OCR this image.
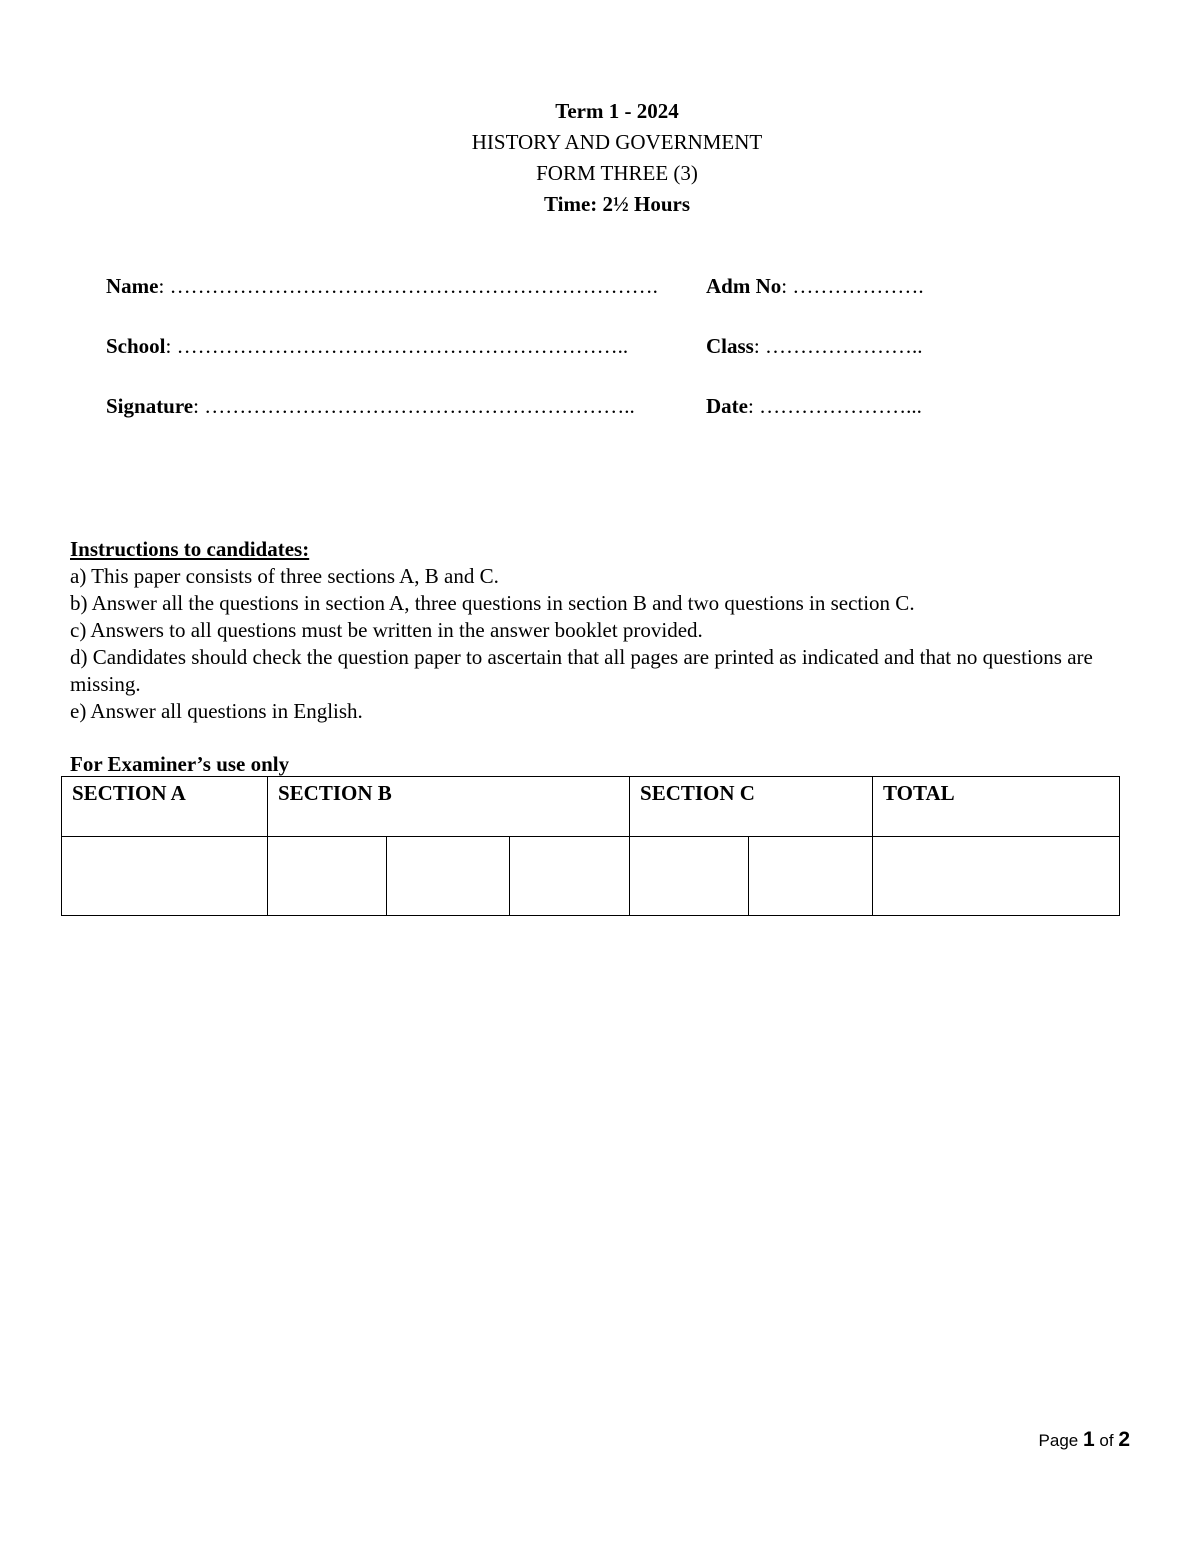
Term 1 - 2024
HISTORY AND GOVERNMENT
FORM THREE (3)
Time: 2½ Hours
Name: ……………………………………………………………. Adm No: ……………….
School: ………………………………………………………..	Class: …………………..
Signature: ……………………………………………………..	Date: …………………...

Instructions to candidates:

a) This paper consists of three sections A, B and C.

b) Answer all the questions in section A, three questions in section B and two questions in section C.

c) Answers to all questions must be written in the answer booklet provided.

d) Candidates should check the question paper to ascertain that all pages are printed as indicated and that no questions are missing.

e) Answer all questions in English.

For Examiner’s use only
SECTION A	SECTION B			SECTION C		TOTAL

Page 1 of 2
